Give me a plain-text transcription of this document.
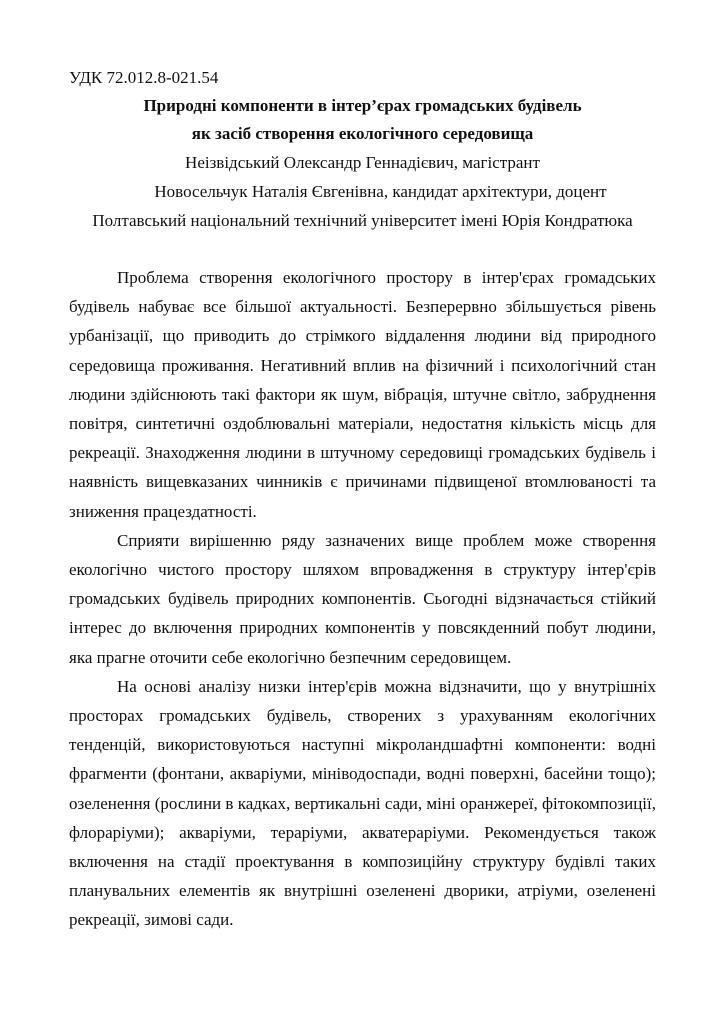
УДК 72.012.8-021.54

Природні компоненти в інтер’єрах громадських будівель

як засіб створення екологічного середовища

Неізвідський Олександр Геннадієвич, магістрант

Новосельчук Наталія Євгенівна, кандидат архітектури, доцент

Полтавський національний технічний університет імені Юрія Кондратюка

Проблема створення екологічного простору в інтер'єрах громадських будівель набуває все більшої актуальності. Безперервно збільшується рівень урбанізації, що приводить до стрімкого віддалення людини від природного середовища проживання. Негативний вплив на фізичний і психологічний стан людини здійснюють такі фактори як шум, вібрація, штучне світло, забруднення повітря, синтетичні оздоблювальні матеріали, недостатня кількість місць для рекреації. Знаходження людини в штучному середовищі громадських будівель і наявність вищевказаних чинників є причинами підвищеної втомлюваності та зниження працездатності.

Сприяти вирішенню ряду зазначених вище проблем може створення екологічно чистого простору шляхом впровадження в структуру інтер'єрів громадських будівель природних компонентів. Сьогодні відзначається стійкий інтерес до включення природних компонентів у повсякденний побут людини, яка прагне оточити себе екологічно безпечним середовищем.

На основі аналізу низки інтер'єрів можна відзначити, що у внутрішніх просторах громадських будівель, створених з урахуванням екологічних тенденцій, використовуються наступні мікроландшафтні компоненти: водні фрагменти (фонтани, акваріуми, мініводоспади, водні поверхні, басейни тощо); озеленення (рослини в кадках, вертикальні сади, міні оранжереї, фітокомпозиції, флораріуми); акваріуми, тераріуми, акватераріуми. Рекомендується також включення на стадії проектування в композиційну структуру будівлі таких планувальних елементів як внутрішні озеленені дворики, атріуми, озеленені рекреації, зимові сади.
